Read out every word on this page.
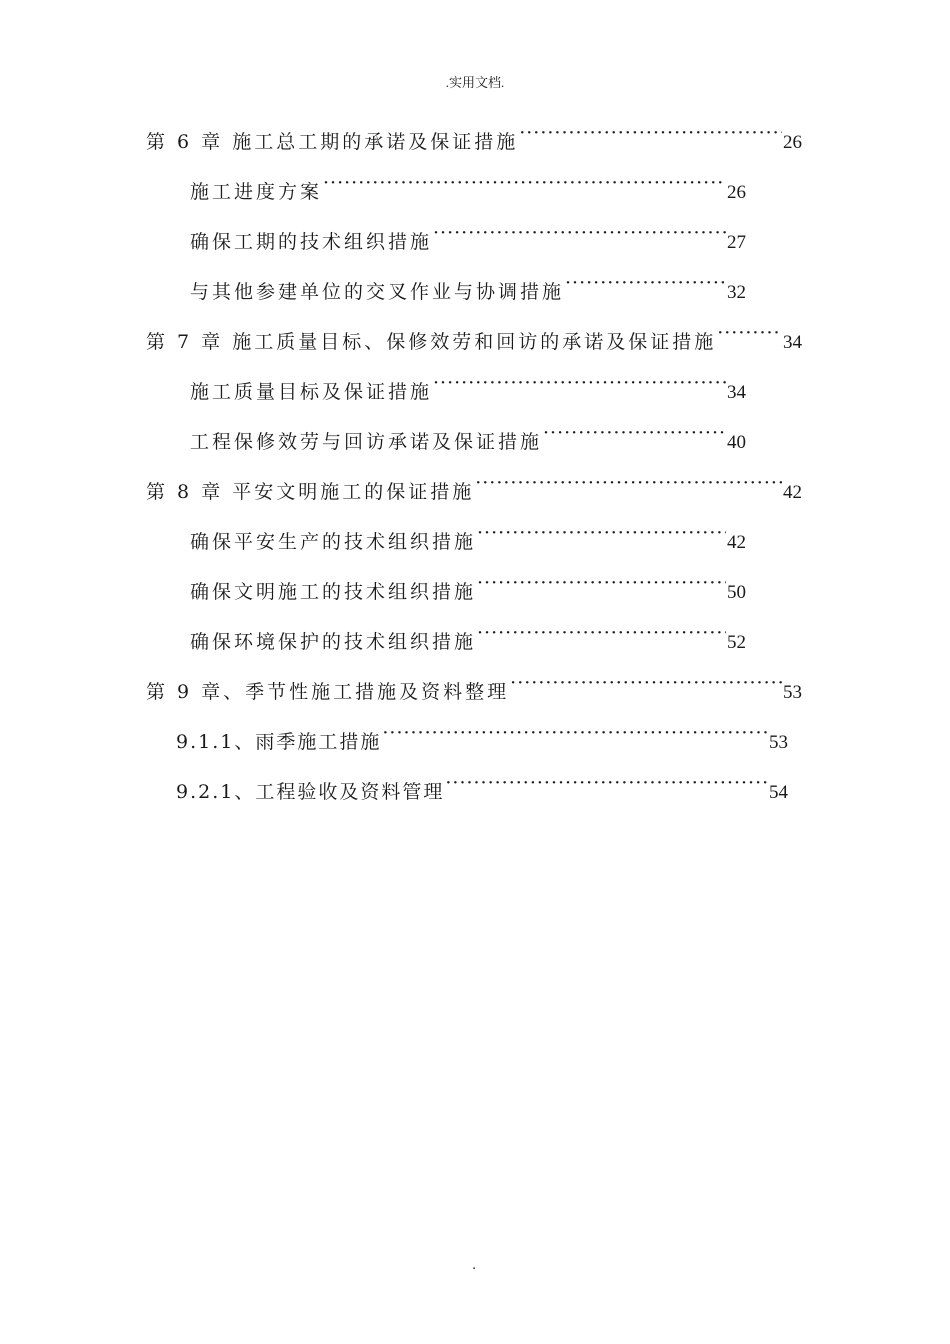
.实用文档.
第 6 章 施工总工期的承诺及保证措施 ·····	26
施工进度方案 ·····	26
确保工期的技术组织措施 ·····	27
与其他参建单位的交叉作业与协调措施 ·····	32
第 7 章 施工质量目标、保修效劳和回访的承诺及保证措施 ·····	34
施工质量目标及保证措施 ·····	34
工程保修效劳与回访承诺及保证措施 ·····	40
第 8 章 平安文明施工的保证措施 ·····	42
确保平安生产的技术组织措施 ·····	42
确保文明施工的技术组织措施 ·····	50
确保环境保护的技术组织措施 ·····	52
第 9 章、季节性施工措施及资料整理 ·····	53
9.1.1、雨季施工措施 ·····	53
9.2.1、工程验收及资料管理 ·····	54
.
